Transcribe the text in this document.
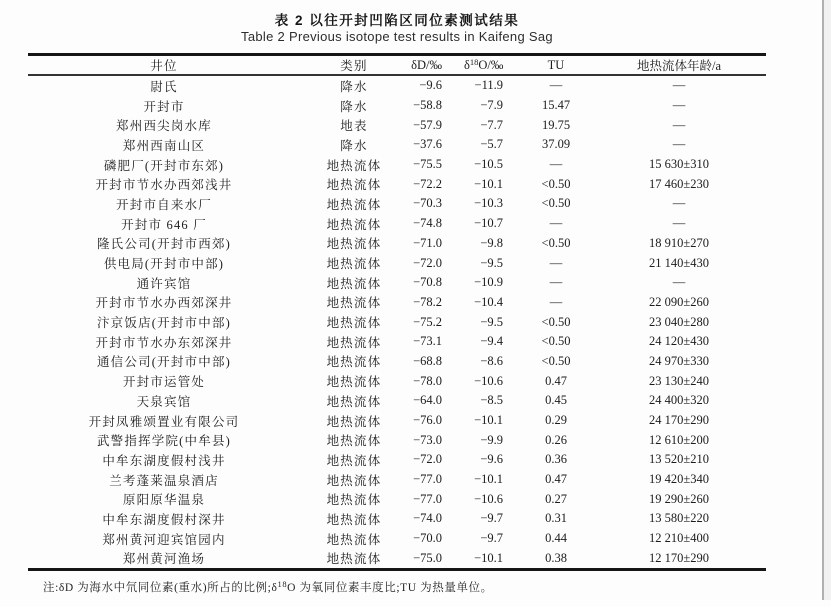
表 2 以往开封凹陷区同位素测试结果
Table 2 Previous isotope test results in Kaifeng Sag
井位	类别	δD/‰	$\delta^{18}O/‰$	TU	地热流体年龄/a
尉氏	降水	−9.6	−11.9	—	—
开封市	降水	−58.8	−7.9	15.47	—
郑州西尖岗水库	地表	−57.9	−7.7	19.75	—
郑州西南山区	降水	−37.6	−5.7	37.09	—
磷肥厂(开封市东郊)	地热流体	−75.5	−10.5	—	15 630±310
开封市节水办西郊浅井	地热流体	−72.2	−10.1	<0.50	17 460±230
开封市自来水厂	地热流体	−70.3	−10.3	<0.50	—
开封市 646 厂	地热流体	−74.8	−10.7	—	—
隆氏公司(开封市西郊)	地热流体	−71.0	−9.8	<0.50	18 910±270
供电局(开封市中部)	地热流体	−72.0	−9.5	—	21 140±430
通许宾馆	地热流体	−70.8	−10.9	—	—
开封市节水办西郊深井	地热流体	−78.2	−10.4	—	22 090±260
汴京饭店(开封市中部)	地热流体	−75.2	−9.5	<0.50	23 040±280
开封市节水办东郊深井	地热流体	−73.1	−9.4	<0.50	24 120±430
通信公司(开封市中部)	地热流体	−68.8	−8.6	<0.50	24 970±330
开封市运管处	地热流体	−78.0	−10.6	0.47	23 130±240
天泉宾馆	地热流体	−64.0	−8.5	0.45	24 400±320
开封凤雅颂置业有限公司	地热流体	−76.0	−10.1	0.29	24 170±290
武警指挥学院(中牟县)	地热流体	−73.0	−9.9	0.26	12 610±200
中牟东湖度假村浅井	地热流体	−72.0	−9.6	0.36	13 520±210
兰考蓬莱温泉酒店	地热流体	−77.0	−10.1	0.47	19 420±340
原阳原华温泉	地热流体	−77.0	−10.6	0.27	19 290±260
中牟东湖度假村深井	地热流体	−74.0	−9.7	0.31	13 580±220
郑州黄河迎宾馆园内	地热流体	−70.0	−9.7	0.44	12 210±400
郑州黄河渔场	地热流体	−75.0	−10.1	0.38	12 170±290
注:δD 为海水中氘同位素(重水)所占的比例$;\delta^{18}O$ 为氧同位素丰度比;TU 为热量单位。
